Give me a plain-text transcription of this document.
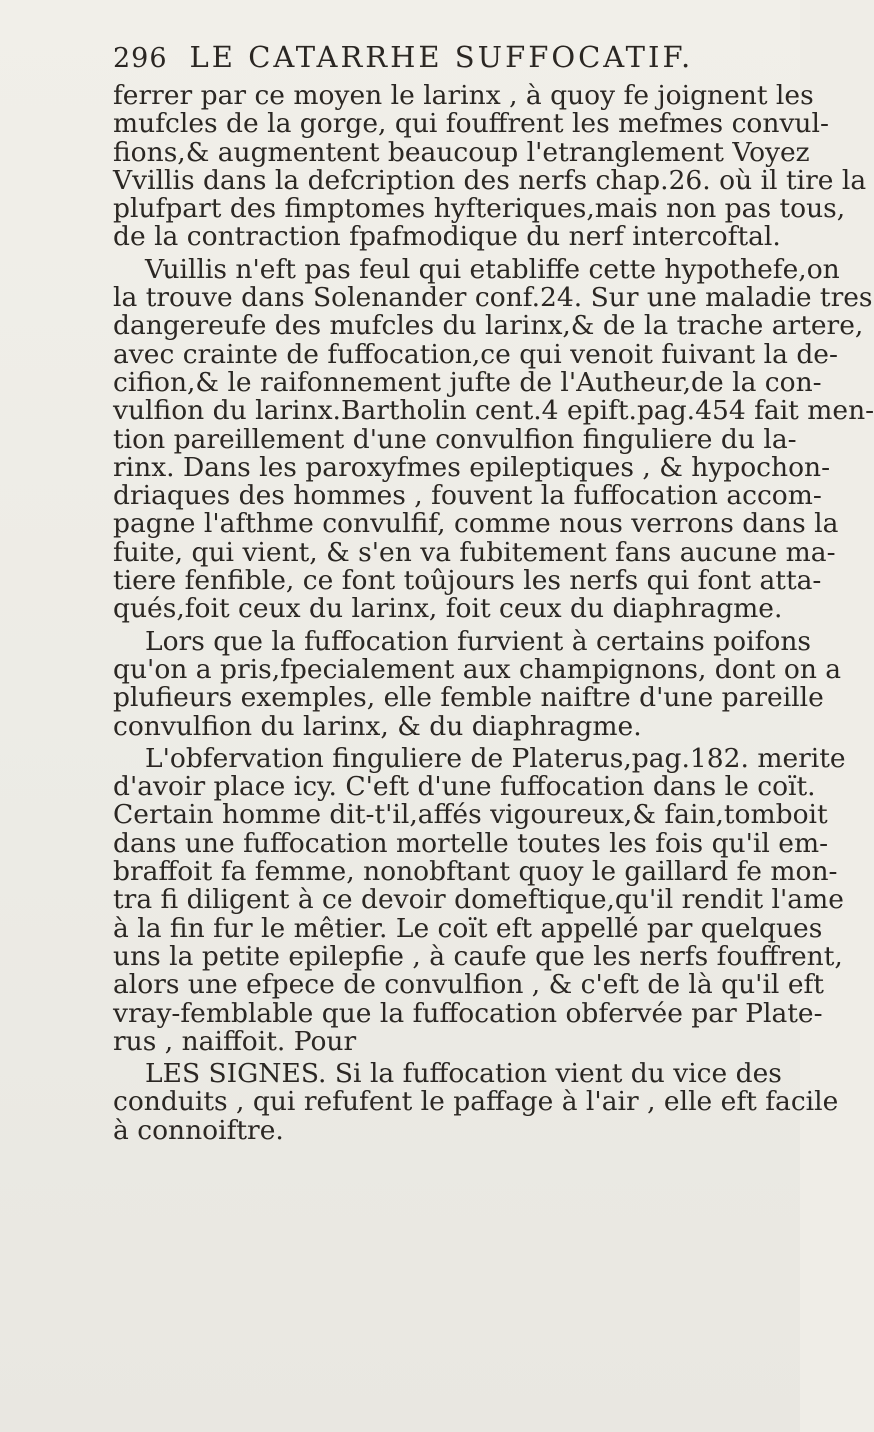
296 LE CATARRHE SUFFOCATIF.
ferrer par ce moyen le larinx , à quoy fe joignent les
mufcles de la gorge, qui fouffrent les mefmes convul-
fions,& augmentent beaucoup l'etranglement Voyez
Vvillis dans la defcription des nerfs chap.26. où il tire la
plufpart des fimptomes hyfteriques,mais non pas tous,
de la contraction fpafmodique du nerf intercoftal.
Vuillis n'eft pas feul qui etabliffe cette hypothefe,on
la trouve dans Solenander conf.24. Sur une maladie tres
dangereufe des mufcles du larinx,& de la trache artere,
avec crainte de fuffocation,ce qui venoit fuivant la de-
cifion,& le raifonnement jufte de l'Autheur,de la con-
vulfion du larinx.Bartholin cent.4 epift.pag.454 fait men-
tion pareillement d'une convulfion finguliere du la-
rinx. Dans les paroxyfmes epileptiques , & hypochon-
driaques des hommes , fouvent la fuffocation accom-
pagne l'afthme convulfif, comme nous verrons dans la
fuite, qui vient, & s'en va fubitement fans aucune ma-
tiere fenfible, ce font toûjours les nerfs qui font atta-
qués,foit ceux du larinx, foit ceux du diaphragme.
Lors que la fuffocation furvient à certains poifons
qu'on a pris,fpecialement aux champignons, dont on a
plufieurs exemples, elle femble naiftre d'une pareille
convulfion du larinx, & du diaphragme.
L'obfervation finguliere de Platerus,pag.182. merite
d'avoir place icy. C'eft d'une fuffocation dans le coït.
Certain homme dit-t'il,affés vigoureux,& fain,tomboit
dans une fuffocation mortelle toutes les fois qu'il em-
braffoit fa femme, nonobftant quoy le gaillard fe mon-
tra fi diligent à ce devoir domeftique,qu'il rendit l'ame
à la fin fur le mêtier. Le coït eft appellé par quelques
uns la petite epilepfie , à caufe que les nerfs fouffrent,
alors une efpece de convulfion , & c'eft de là qu'il eft
vray-femblable que la fuffocation obfervée par Plate-
rus , naiffoit. Pour
LES SIGNES. Si la fuffocation vient du vice des
conduits , qui refufent le paffage à l'air , elle eft facile
à connoiftre.
